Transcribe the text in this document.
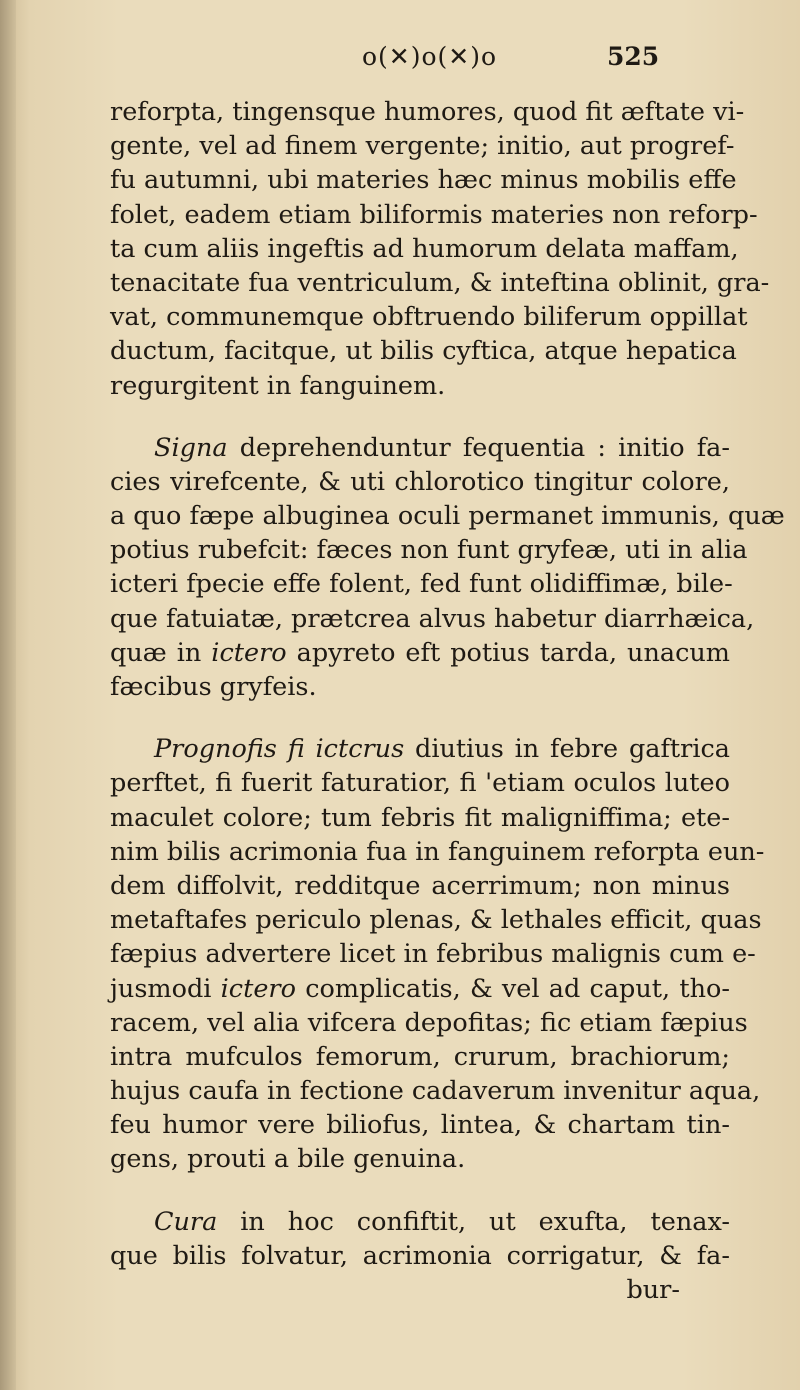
o(✕)o(✕)o	525
reforpta, tingensque humores, quod fit æftate vi-
gente, vel ad finem vergente; initio, aut progref-
fu autumni, ubi materies hæc minus mobilis effe
folet, eadem etiam biliformis materies non reforp-
ta cum aliis ingeftis ad humorum delata maffam,
tenacitate fua ventriculum, & inteftina oblinit, gra-
vat, communemque obftruendo biliferum oppillat
ductum, facitque, ut bilis cyftica, atque hepatica
regurgitent in fanguinem.
Signa deprehenduntur fequentia : initio fa-
cies virefcente, & uti chlorotico tingitur colore,
a quo fæpe albuginea oculi permanet immunis, quæ
potius rubefcit: fæces non funt gryfeæ, uti in alia
icteri fpecie effe folent, fed funt olidiffimæ, bile-
que fatuiatæ, prætcrea alvus habetur diarrhæica,
quæ in ictero apyreto eft potius tarda, unacum
fæcibus gryfeis.
Prognofis fi ictcrus diutius in febre gaftrica
perftet, fi fuerit faturatior, fi 'etiam oculos luteo
maculet colore; tum febris fit maligniffima; ete-
nim bilis acrimonia fua in fanguinem reforpta eun-
dem diffolvit, redditque acerrimum; non minus
metaftafes periculo plenas, & lethales efficit, quas
fæpius advertere licet in febribus malignis cum e-
jusmodi ictero complicatis, & vel ad caput, tho-
racem, vel alia vifcera depofitas; fic etiam fæpius
intra mufculos femorum, crurum, brachiorum;
hujus caufa in fectione cadaverum invenitur aqua,
feu humor vere biliofus, lintea, & chartam tin-
gens, prouti a bile genuina.
Cura in hoc confiftit, ut exufta, tenax-
que bilis folvatur, acrimonia corrigatur, & fa-
bur-
